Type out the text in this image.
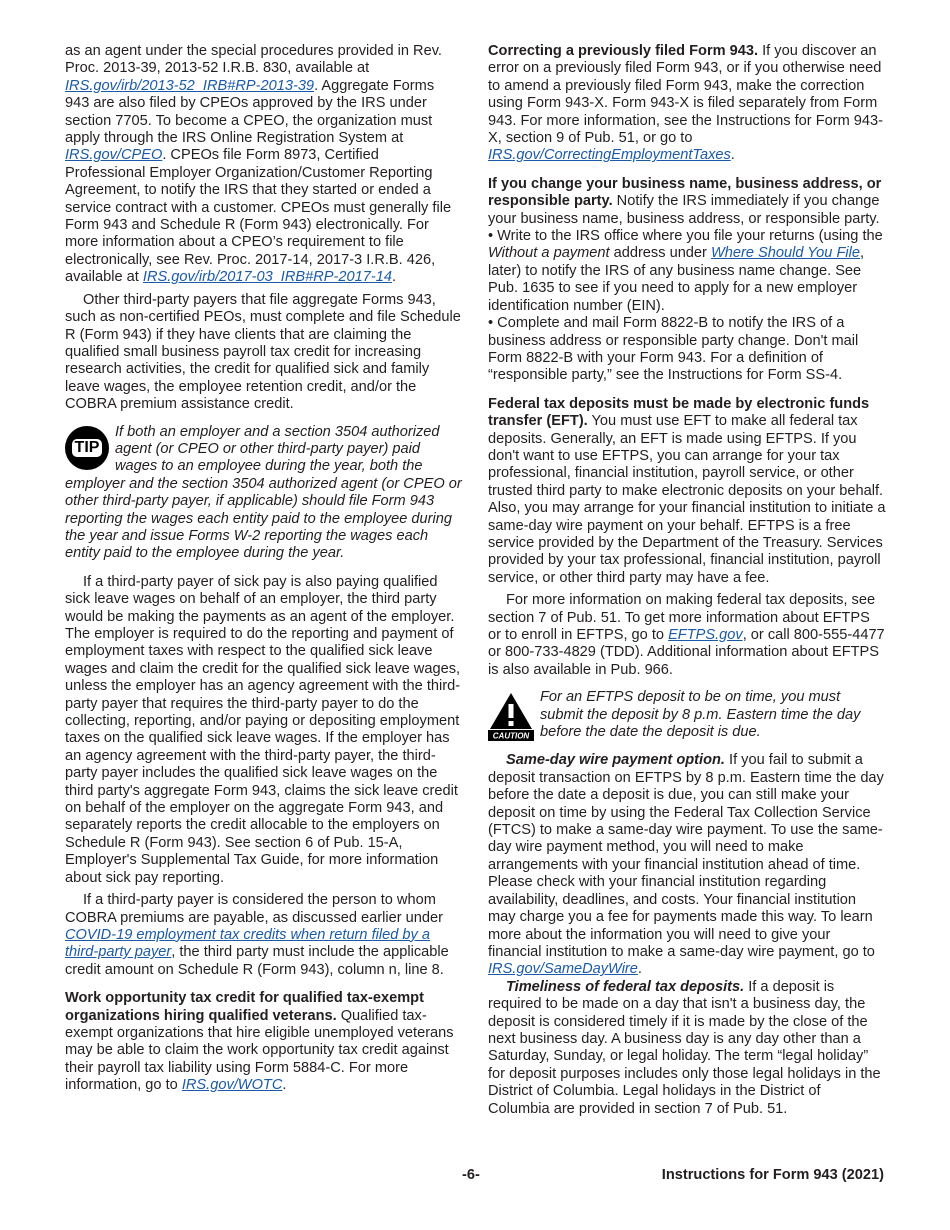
as an agent under the special procedures provided in Rev. Proc. 2013-39, 2013-52 I.R.B. 830, available at IRS.gov/irb/2013-52_IRB#RP-2013-39. Aggregate Forms 943 are also filed by CPEOs approved by the IRS under section 7705. To become a CPEO, the organization must apply through the IRS Online Registration System at IRS.gov/CPEO. CPEOs file Form 8973, Certified Professional Employer Organization/Customer Reporting Agreement, to notify the IRS that they started or ended a service contract with a customer. CPEOs must generally file Form 943 and Schedule R (Form 943) electronically. For more information about a CPEO’s requirement to file electronically, see Rev. Proc. 2017-14, 2017-3 I.R.B. 426, available at IRS.gov/irb/2017-03_IRB#RP-2017-14.

Other third-party payers that file aggregate Forms 943, such as non-certified PEOs, must complete and file Schedule R (Form 943) if they have clients that are claiming the qualified small business payroll tax credit for increasing research activities, the credit for qualified sick and family leave wages, the employee retention credit, and/or the COBRA premium assistance credit.

TIP
If both an employer and a section 3504 authorized agent (or CPEO or other third-party payer) paid wages to an employee during the year, both the employer and the section 3504 authorized agent (or CPEO or other third-party payer, if applicable) should file Form 943 reporting the wages each entity paid to the employee during the year and issue Forms W-2 reporting the wages each entity paid to the employee during the year.

If a third-party payer of sick pay is also paying qualified sick leave wages on behalf of an employer, the third party would be making the payments as an agent of the employer. The employer is required to do the reporting and payment of employment taxes with respect to the qualified sick leave wages and claim the credit for the qualified sick leave wages, unless the employer has an agency agreement with the third-party payer that requires the third-party payer to do the collecting, reporting, and/or paying or depositing employment taxes on the qualified sick leave wages. If the employer has an agency agreement with the third-party payer, the third-party payer includes the qualified sick leave wages on the third party's aggregate Form 943, claims the sick leave credit on behalf of the employer on the aggregate Form 943, and separately reports the credit allocable to the employers on Schedule R (Form 943). See section 6 of Pub. 15-A, Employer's Supplemental Tax Guide, for more information about sick pay reporting.

If a third-party payer is considered the person to whom COBRA premiums are payable, as discussed earlier under COVID-19 employment tax credits when return filed by a third-party payer, the third party must include the applicable credit amount on Schedule R (Form 943), column n, line 8.

Work opportunity tax credit for qualified tax-exempt organizations hiring qualified veterans. Qualified tax-exempt organizations that hire eligible unemployed veterans may be able to claim the work opportunity tax credit against their payroll tax liability using Form 5884-C. For more information, go to IRS.gov/WOTC.

Correcting a previously filed Form 943. If you discover an error on a previously filed Form 943, or if you otherwise need to amend a previously filed Form 943, make the correction using Form 943-X. Form 943-X is filed separately from Form 943. For more information, see the Instructions for Form 943-X, section 9 of Pub. 51, or go to IRS.gov/CorrectingEmploymentTaxes.

If you change your business name, business address, or responsible party. Notify the IRS immediately if you change your business name, business address, or responsible party.

• Write to the IRS office where you file your returns (using the Without a payment address under Where Should You File, later) to notify the IRS of any business name change. See Pub. 1635 to see if you need to apply for a new employer identification number (EIN).

• Complete and mail Form 8822-B to notify the IRS of a business address or responsible party change. Don't mail Form 8822-B with your Form 943. For a definition of “responsible party,” see the Instructions for Form SS-4.

Federal tax deposits must be made by electronic funds transfer (EFT). You must use EFT to make all federal tax deposits. Generally, an EFT is made using EFTPS. If you don't want to use EFTPS, you can arrange for your tax professional, financial institution, payroll service, or other trusted third party to make electronic deposits on your behalf. Also, you may arrange for your financial institution to initiate a same-day wire payment on your behalf. EFTPS is a free service provided by the Department of the Treasury. Services provided by your tax professional, financial institution, payroll service, or other third party may have a fee.

For more information on making federal tax deposits, see section 7 of Pub. 51. To get more information about EFTPS or to enroll in EFTPS, go to EFTPS.gov, or call 800-555-4477 or 800-733-4829 (TDD). Additional information about EFTPS is also available in Pub. 966.

CAUTION
For an EFTPS deposit to be on time, you must submit the deposit by 8 p.m. Eastern time the day before the date the deposit is due.

Same-day wire payment option. If you fail to submit a deposit transaction on EFTPS by 8 p.m. Eastern time the day before the date a deposit is due, you can still make your deposit on time by using the Federal Tax Collection Service (FTCS) to make a same-day wire payment. To use the same-day wire payment method, you will need to make arrangements with your financial institution ahead of time. Please check with your financial institution regarding availability, deadlines, and costs. Your financial institution may charge you a fee for payments made this way. To learn more about the information you will need to give your financial institution to make a same-day wire payment, go to IRS.gov/SameDayWire.

Timeliness of federal tax deposits. If a deposit is required to be made on a day that isn't a business day, the deposit is considered timely if it is made by the close of the next business day. A business day is any day other than a Saturday, Sunday, or legal holiday. The term “legal holiday” for deposit purposes includes only those legal holidays in the District of Columbia. Legal holidays in the District of Columbia are provided in section 7 of Pub. 51.

-6-	Instructions for Form 943 (2021)
